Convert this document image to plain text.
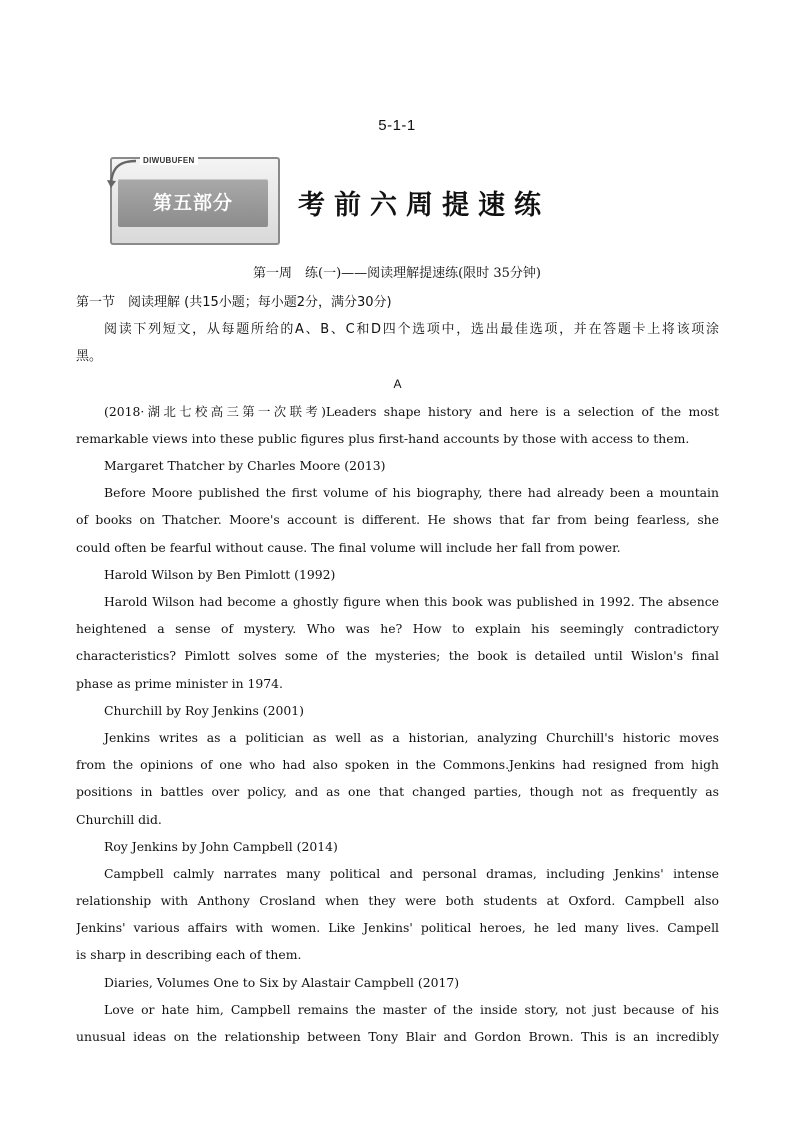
5-1-1
DIWUBUFEN
第五部分	考前六周提速练
第一周　练(一)——阅读理解提速练(限时 35分钟)
第一节　阅读理解 (共15小题；每小题2分，满分30分)
阅读下列短文，从每题所给的A、B、C和D四个选项中，选出最佳选项，并在答题卡上将该项涂
黑。
A
(2018·湖北七校高三第一次联考)Leaders shape history and here is a selection of the most
remarkable views into these public figures plus first-hand accounts by those with access to them.
Margaret Thatcher by Charles Moore (2013)
Before Moore published the first volume of his biography, there had already been a mountain
of books on Thatcher. Moore's account is different. He shows that far from being fearless, she
could often be fearful without cause. The final volume will include her fall from power.
Harold Wilson by Ben Pimlott (1992)
Harold Wilson had become a ghostly figure when this book was published in 1992. The absence
heightened a sense of mystery. Who was he? How to explain his seemingly contradictory
characteristics? Pimlott solves some of the mysteries; the book is detailed until Wislon's final
phase as prime minister in 1974.
Churchill by Roy Jenkins (2001)
Jenkins writes as a politician as well as a historian, analyzing Churchill's historic moves
from the opinions of one who had also spoken in the Commons.Jenkins had resigned from high
positions in battles over policy, and as one that changed parties, though not as frequently as
Churchill did.
Roy Jenkins by John Campbell (2014)
Campbell calmly narrates many political and personal dramas, including Jenkins' intense
relationship with Anthony Crosland when they were both students at Oxford. Campbell also
Jenkins' various affairs with women. Like Jenkins' political heroes, he led many lives. Campell
is sharp in describing each of them.
Diaries, Volumes One to Six by Alastair Campbell (2017)
Love or hate him, Campbell remains the master of the inside story, not just because of his
unusual ideas on the relationship between Tony Blair and Gordon Brown. This is an incredibly
